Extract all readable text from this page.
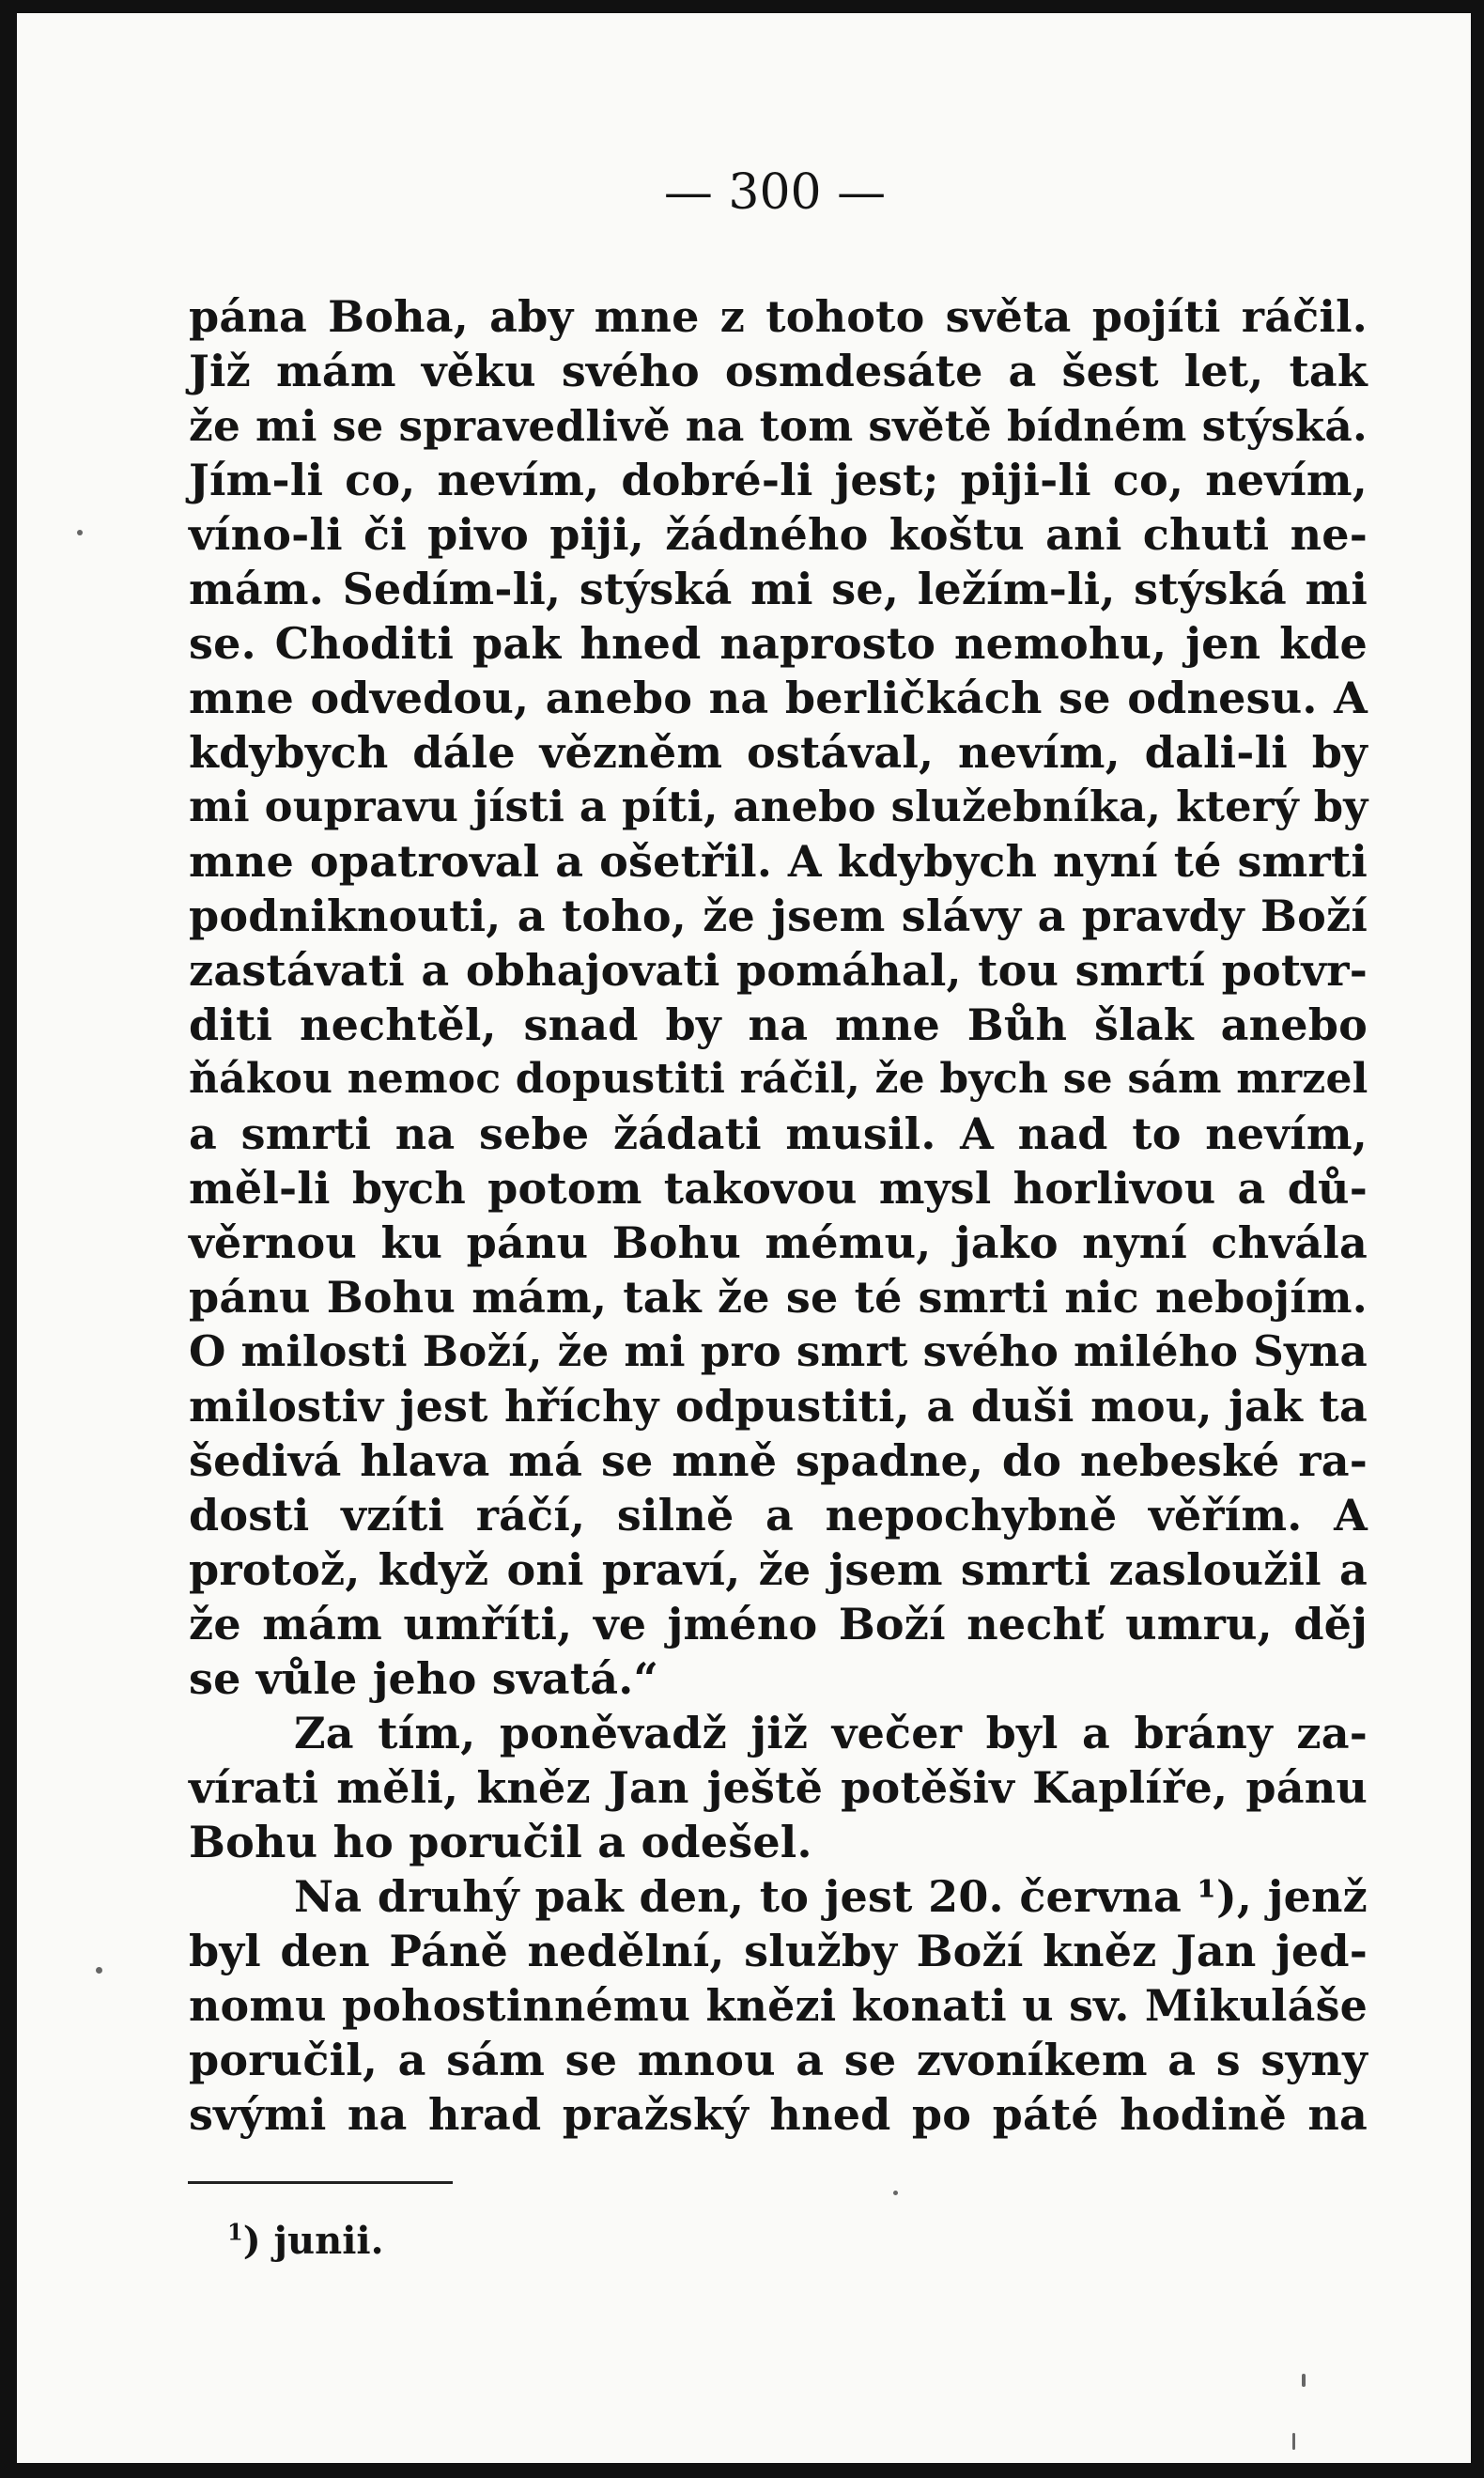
— 300 —
pána Boha, aby mne z tohoto světa pojíti ráčil.
Již mám věku svého osmdesáte a šest let, tak
že mi se spravedlivě na tom světě bídném stýská.
Jím-li co, nevím, dobré-li jest; piji-li co, nevím,
víno-li či pivo piji, žádného koštu ani chuti ne-
mám. Sedím-li, stýská mi se, ležím-li, stýská mi
se. Choditi pak hned naprosto nemohu, jen kde
mne odvedou, anebo na berličkách se odnesu. A
kdybych dále vězněm ostával, nevím, dali-li by
mi oupravu jísti a píti, anebo služebníka, který by
mne opatroval a ošetřil. A kdybych nyní té smrti
podniknouti, a toho, že jsem slávy a pravdy Boží
zastávati a obhajovati pomáhal, tou smrtí potvr-
diti nechtěl, snad by na mne Bůh šlak anebo
ňákou nemoc dopustiti ráčil, že bych se sám mrzel
a smrti na sebe žádati musil. A nad to nevím,
měl-li bych potom takovou mysl horlivou a dů-
věrnou ku pánu Bohu mému, jako nyní chvála
pánu Bohu mám, tak že se té smrti nic nebojím.
O milosti Boží, že mi pro smrt svého milého Syna
milostiv jest hříchy odpustiti, a duši mou, jak ta
šedivá hlava má se mně spadne, do nebeské ra-
dosti vzíti ráčí, silně a nepochybně věřím. A
protož, když oni praví, že jsem smrti zasloužil a
že mám umříti, ve jméno Boží nechť umru, děj
se vůle jeho svatá.“
Za tím, poněvadž již večer byl a brány za-
vírati měli, kněz Jan ještě potěšiv Kaplíře, pánu
Bohu ho poručil a odešel.
Na druhý pak den, to jest 20. června ¹), jenž
byl den Páně nedělní, služby Boží kněz Jan jed-
nomu pohostinnému knězi konati u sv. Mikuláše
poručil, a sám se mnou a se zvoníkem a s syny
svými na hrad pražský hned po páté hodině na
$^1$) junii.
